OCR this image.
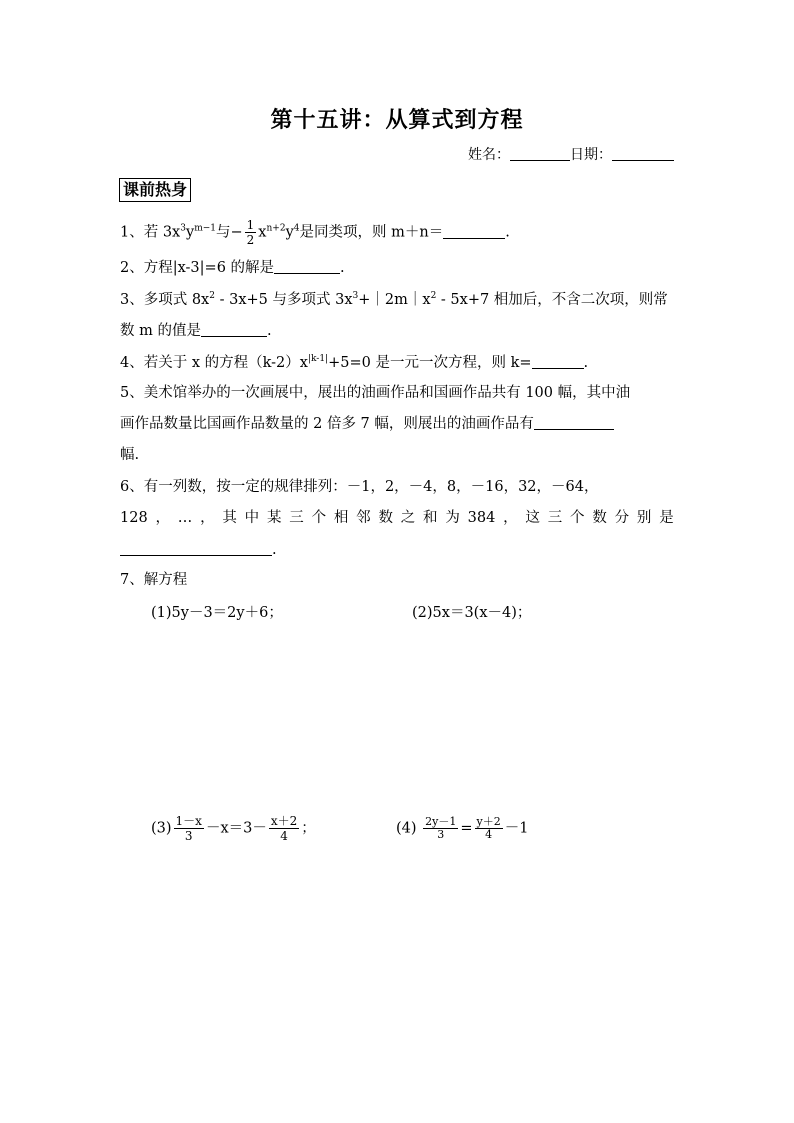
第十五讲：从算式到方程
姓名：	日期：
课前热身
1、若 $3x^3y^{m-1}$与− $\frac{1}{2} x^{n+2}y^4$是同类项，则 m＋n＝	.
2、方程|x-3|=6 的解是	.
3、多项式 $8x^2 - 3x+5$ 与多项式 $3x^3+|2m|x^2 - 5x+7$ 相加后，不含二次项，则常
数 m 的值是	.
4、若关于 x 的方程$(k-2)x^{|k-1|}+5=0$ 是一元一次方程，则 k=	.
5、美术馆举办的一次画展中，展出的油画作品和国画作品共有 100 幅，其中油
画作品数量比国画作品数量的 2 倍多 7 幅，则展出的油画作品有
幅.
6、有一列数，按一定的规律排列：－1，2，－4，8，－16，32，－64，
128 ， … ， 其 中 某 三 个 相 邻 数 之 和 为 384 ， 这 三 个 数 分 别 是
.
7、解方程
(1)5y－3＝2y＋6；	(2)5x＝3(x－4)；
$(3) \frac{1-x}{3} -x=3- \frac{x+2}{4}$ ；	$(4) \frac{2y-1}{3} = \frac{y+2}{4} -1$
